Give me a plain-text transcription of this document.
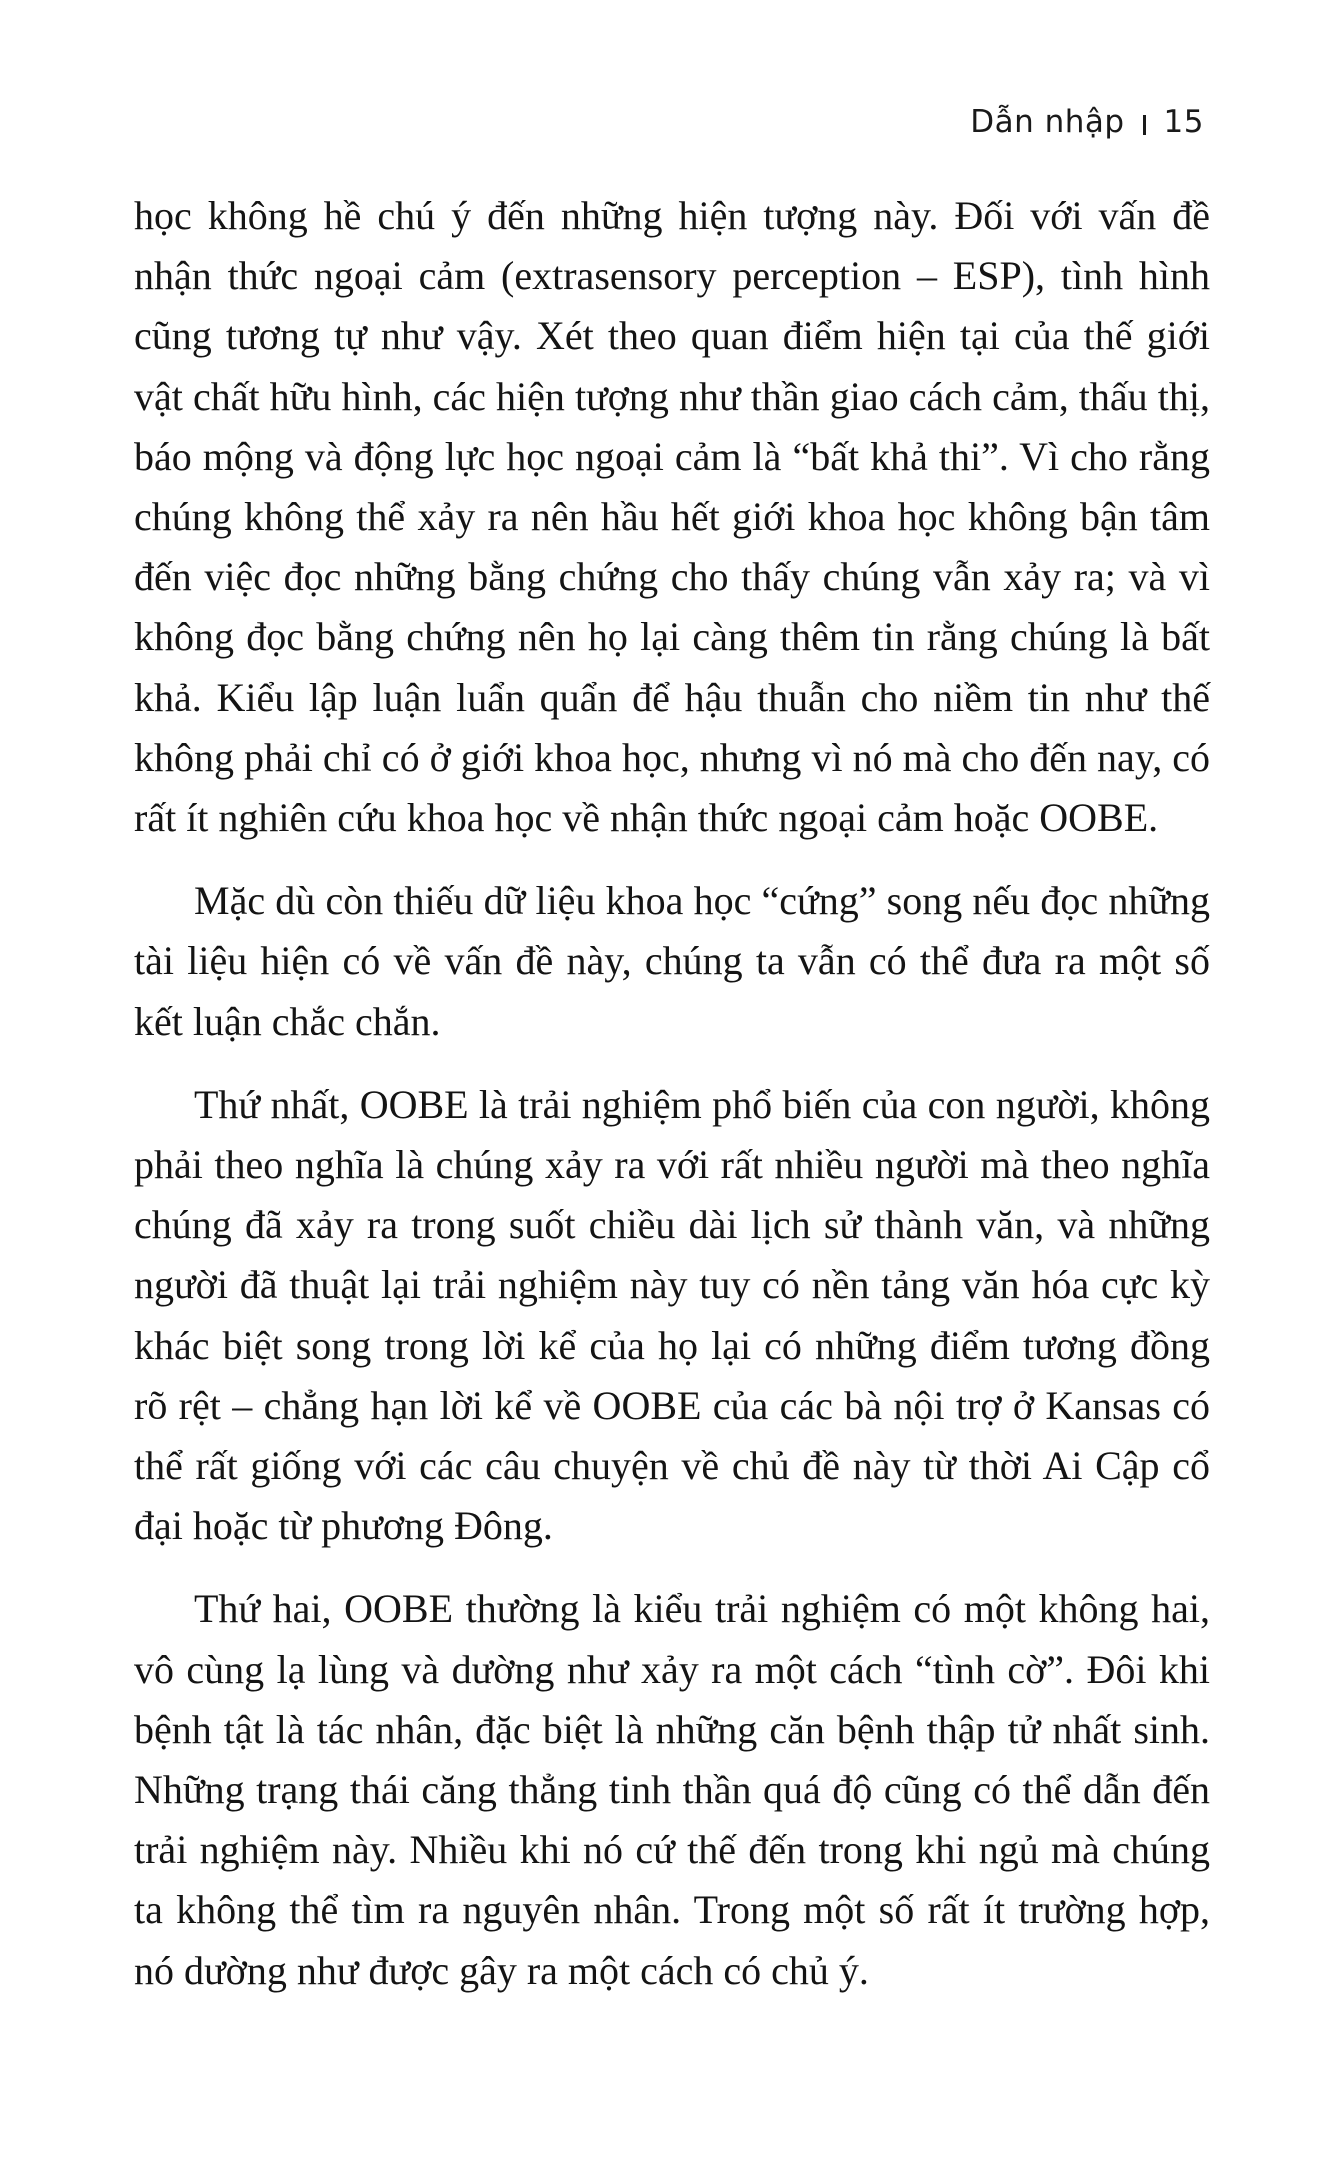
Dẫn nhập 15

học không hề chú ý đến những hiện tượng này. Đối với vấn đề nhận thức ngoại cảm (extrasensory perception – ESP), tình hình cũng tương tự như vậy. Xét theo quan điểm hiện tại của thế giới vật chất hữu hình, các hiện tượng như thần giao cách cảm, thấu thị, báo mộng và động lực học ngoại cảm là “bất khả thi”. Vì cho rằng chúng không thể xảy ra nên hầu hết giới khoa học không bận tâm đến việc đọc những bằng chứng cho thấy chúng vẫn xảy ra; và vì không đọc bằng chứng nên họ lại càng thêm tin rằng chúng là bất khả. Kiểu lập luận luẩn quẩn để hậu thuẫn cho niềm tin như thế không phải chỉ có ở giới khoa học, nhưng vì nó mà cho đến nay, có rất ít nghiên cứu khoa học về nhận thức ngoại cảm hoặc OOBE.

Mặc dù còn thiếu dữ liệu khoa học “cứng” song nếu đọc những tài liệu hiện có về vấn đề này, chúng ta vẫn có thể đưa ra một số kết luận chắc chắn.

Thứ nhất, OOBE là trải nghiệm phổ biến của con người, không phải theo nghĩa là chúng xảy ra với rất nhiều người mà theo nghĩa chúng đã xảy ra trong suốt chiều dài lịch sử thành văn, và những người đã thuật lại trải nghiệm này tuy có nền tảng văn hóa cực kỳ khác biệt song trong lời kể của họ lại có những điểm tương đồng rõ rệt – chẳng hạn lời kể về OOBE của các bà nội trợ ở Kansas có thể rất giống với các câu chuyện về chủ đề này từ thời Ai Cập cổ đại hoặc từ phương Đông.

Thứ hai, OOBE thường là kiểu trải nghiệm có một không hai, vô cùng lạ lùng và dường như xảy ra một cách “tình cờ”. Đôi khi bệnh tật là tác nhân, đặc biệt là những căn bệnh thập tử nhất sinh. Những trạng thái căng thẳng tinh thần quá độ cũng có thể dẫn đến trải nghiệm này. Nhiều khi nó cứ thế đến trong khi ngủ mà chúng ta không thể tìm ra nguyên nhân. Trong một số rất ít trường hợp, nó dường như được gây ra một cách có chủ ý.
